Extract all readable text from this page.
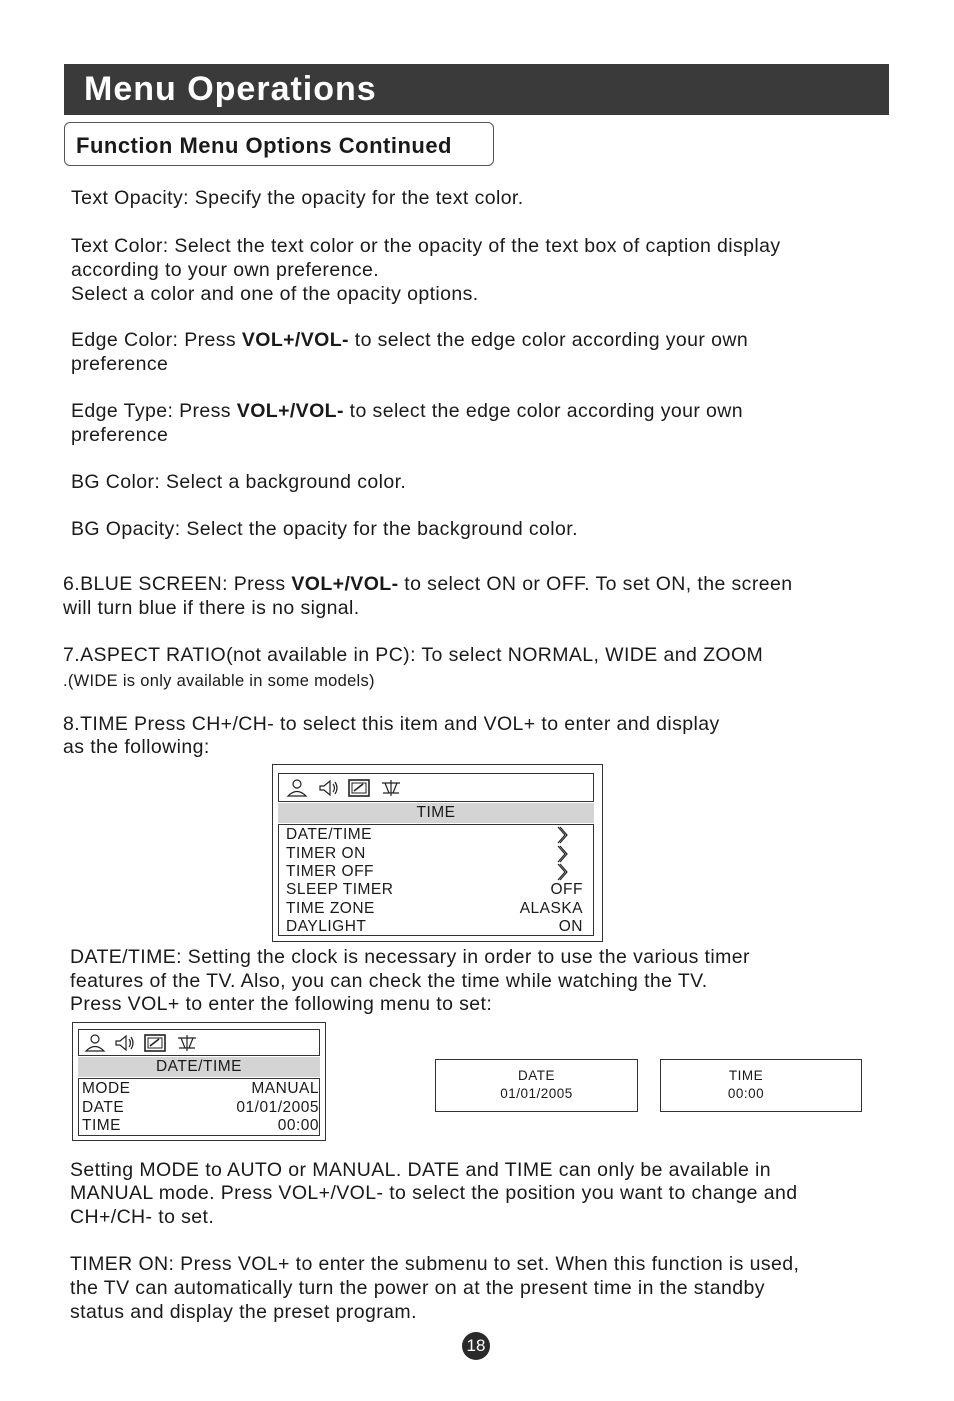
Menu Operations
Function Menu Options Continued
Text Opacity: Specify the opacity for the text color.
Text Color: Select the text color or the opacity of the text box of caption display
according to your own preference.
Select a color and one of the opacity options.
Edge Color: Press VOL+/VOL- to select the edge color according your own
preference
Edge Type: Press VOL+/VOL- to select the edge color according your own
preference
BG Color: Select a background color.
BG Opacity: Select the opacity for the background color.
6.BLUE SCREEN: Press VOL+/VOL- to select ON or OFF. To set ON, the screen
will turn blue if there is no signal.
7.ASPECT RATIO(not available in PC): To select NORMAL, WIDE and ZOOM
.(WIDE is only available in some models)
8.TIME Press CH+/CH- to select this item and VOL+ to enter and display
as the following:
TIME
DATE/TIME
TIMER ON
TIMER OFF
SLEEP TIMER	OFF
TIME ZONE	ALASKA
DAYLIGHT	ON
DATE/TIME: Setting the clock is necessary in order to use the various timer
features of the TV. Also, you can check the time while watching the TV.
Press VOL+ to enter the following menu to set:
DATE/TIME
MODE	MANUAL
DATE	01/01/2005
TIME	00:00
DATE
01/01/2005
TIME
00:00
Setting MODE to AUTO or MANUAL. DATE and TIME can only be available in
MANUAL mode. Press VOL+/VOL- to select the position you want to change and
CH+/CH- to set.
TIMER ON: Press VOL+ to enter the submenu to set. When this function is used,
the TV can automatically turn the power on at the present time in the standby
status and display the preset program.
18
